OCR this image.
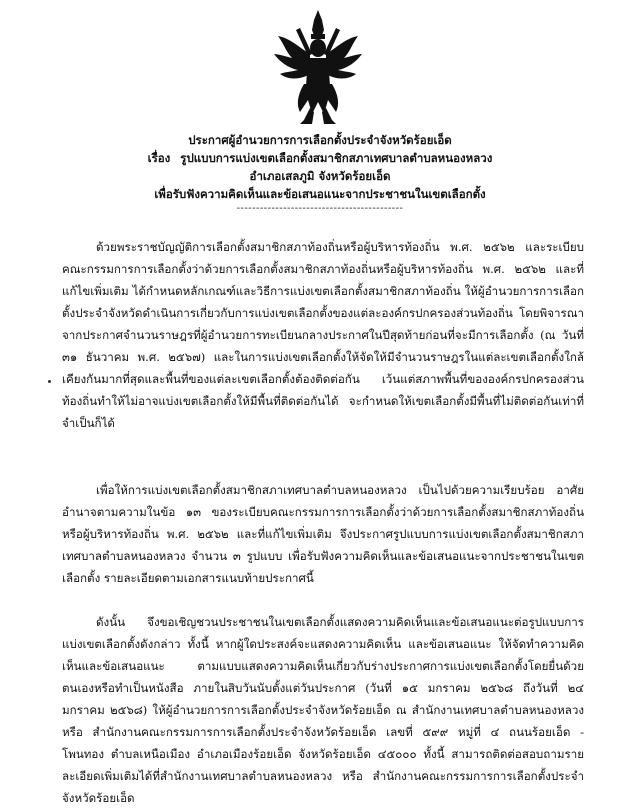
ประกาศผู้อำนวยการการเลือกตั้งประจำจังหวัดร้อยเอ็ด
เรื่อง รูปแบบการแบ่งเขตเลือกตั้งสมาชิกสภาเทศบาลตำบลหนองหลวง
อำเภอเสลภูมิ จังหวัดร้อยเอ็ด
เพื่อรับฟังความคิดเห็นและข้อเสนอแนะจากประชาชนในเขตเลือกตั้ง
-------------------------------------------

ด้วยพระราชบัญญัติการเลือกตั้งสมาชิกสภาท้องถิ่นหรือผู้บริหารท้องถิ่น พ.ศ. ๒๕๖๒ และระเบียบคณะกรรมการการเลือกตั้งว่าด้วยการเลือกตั้งสมาชิกสภาท้องถิ่นหรือผู้บริหารท้องถิ่น พ.ศ. ๒๕๖๒ และที่แก้ไขเพิ่มเติม ได้กำหนดหลักเกณฑ์และวิธีการแบ่งเขตเลือกตั้งสมาชิกสภาท้องถิ่น ให้ผู้อำนวยการการเลือกตั้งประจำจังหวัดดำเนินการเกี่ยวกับการแบ่งเขตเลือกตั้งของแต่ละองค์กรปกครองส่วนท้องถิ่น โดยพิจารณาจากประกาศจำนวนราษฎรที่ผู้อำนวยการทะเบียนกลางประกาศในปีสุดท้ายก่อนที่จะมีการเลือกตั้ง (ณ วันที่ ๓๑ ธันวาคม พ.ศ. ๒๕๖๗) และในการแบ่งเขตเลือกตั้งให้จัดให้มีจำนวนราษฎรในแต่ละเขตเลือกตั้งใกล้เคียงกันมากที่สุดและพื้นที่ของแต่ละเขตเลือกตั้งต้องติดต่อกัน เว้นแต่สภาพพื้นที่ขององค์กรปกครองส่วนท้องถิ่นทำให้ไม่อาจแบ่งเขตเลือกตั้งให้มีพื้นที่ติดต่อกันได้ จะกำหนดให้เขตเลือกตั้งมีพื้นที่ไม่ติดต่อกันเท่าที่จำเป็นก็ได้

เพื่อให้การแบ่งเขตเลือกตั้งสมาชิกสภาเทศบาลตำบลหนองหลวง เป็นไปด้วยความเรียบร้อย อาศัยอำนาจตามความในข้อ ๑๓ ของระเบียบคณะกรรมการการเลือกตั้งว่าด้วยการเลือกตั้งสมาชิกสภาท้องถิ่นหรือผู้บริหารท้องถิ่น พ.ศ. ๒๕๖๒ และที่แก้ไขเพิ่มเติม จึงประกาศรูปแบบการแบ่งเขตเลือกตั้งสมาชิกสภาเทศบาลตำบลหนองหลวง จำนวน ๓ รูปแบบ เพื่อรับฟังความคิดเห็นและข้อเสนอแนะจากประชาชนในเขตเลือกตั้ง รายละเอียดตามเอกสารแนบท้ายประกาศนี้

ดังนั้น จึงขอเชิญชวนประชาชนในเขตเลือกตั้งแสดงความคิดเห็นและข้อเสนอแนะต่อรูปแบบการแบ่งเขตเลือกตั้งดังกล่าว ทั้งนี้ หากผู้ใดประสงค์จะแสดงความคิดเห็น และข้อเสนอแนะ ให้จัดทำความคิดเห็นและข้อเสนอแนะ ตามแบบแสดงความคิดเห็นเกี่ยวกับร่างประกาศการแบ่งเขตเลือกตั้งโดยยื่นด้วยตนเองหรือทำเป็นหนังสือ ภายในสิบวันนับตั้งแต่วันประกาศ (วันที่ ๑๕ มกราคม ๒๕๖๘ ถึงวันที่ ๒๔ มกราคม ๒๕๖๘) ให้ผู้อำนวยการการเลือกตั้งประจำจังหวัดร้อยเอ็ด ณ สำนักงานเทศบาลตำบลหนองหลวง หรือ สำนักงานคณะกรรมการการเลือกตั้งประจำจังหวัดร้อยเอ็ด เลขที่ ๕๙๙ หมู่ที่ ๔ ถนนร้อยเอ็ด - โพนทอง ตำบลเหนือเมือง อำเภอเมืองร้อยเอ็ด จังหวัดร้อยเอ็ด ๔๕๐๐๐ ทั้งนี้ สามารถติดต่อสอบถามรายละเอียดเพิ่มเติมได้ที่สำนักงานเทศบาลตำบลหนองหลวง หรือ สำนักงานคณะกรรมการการเลือกตั้งประจำจังหวัดร้อยเอ็ด
